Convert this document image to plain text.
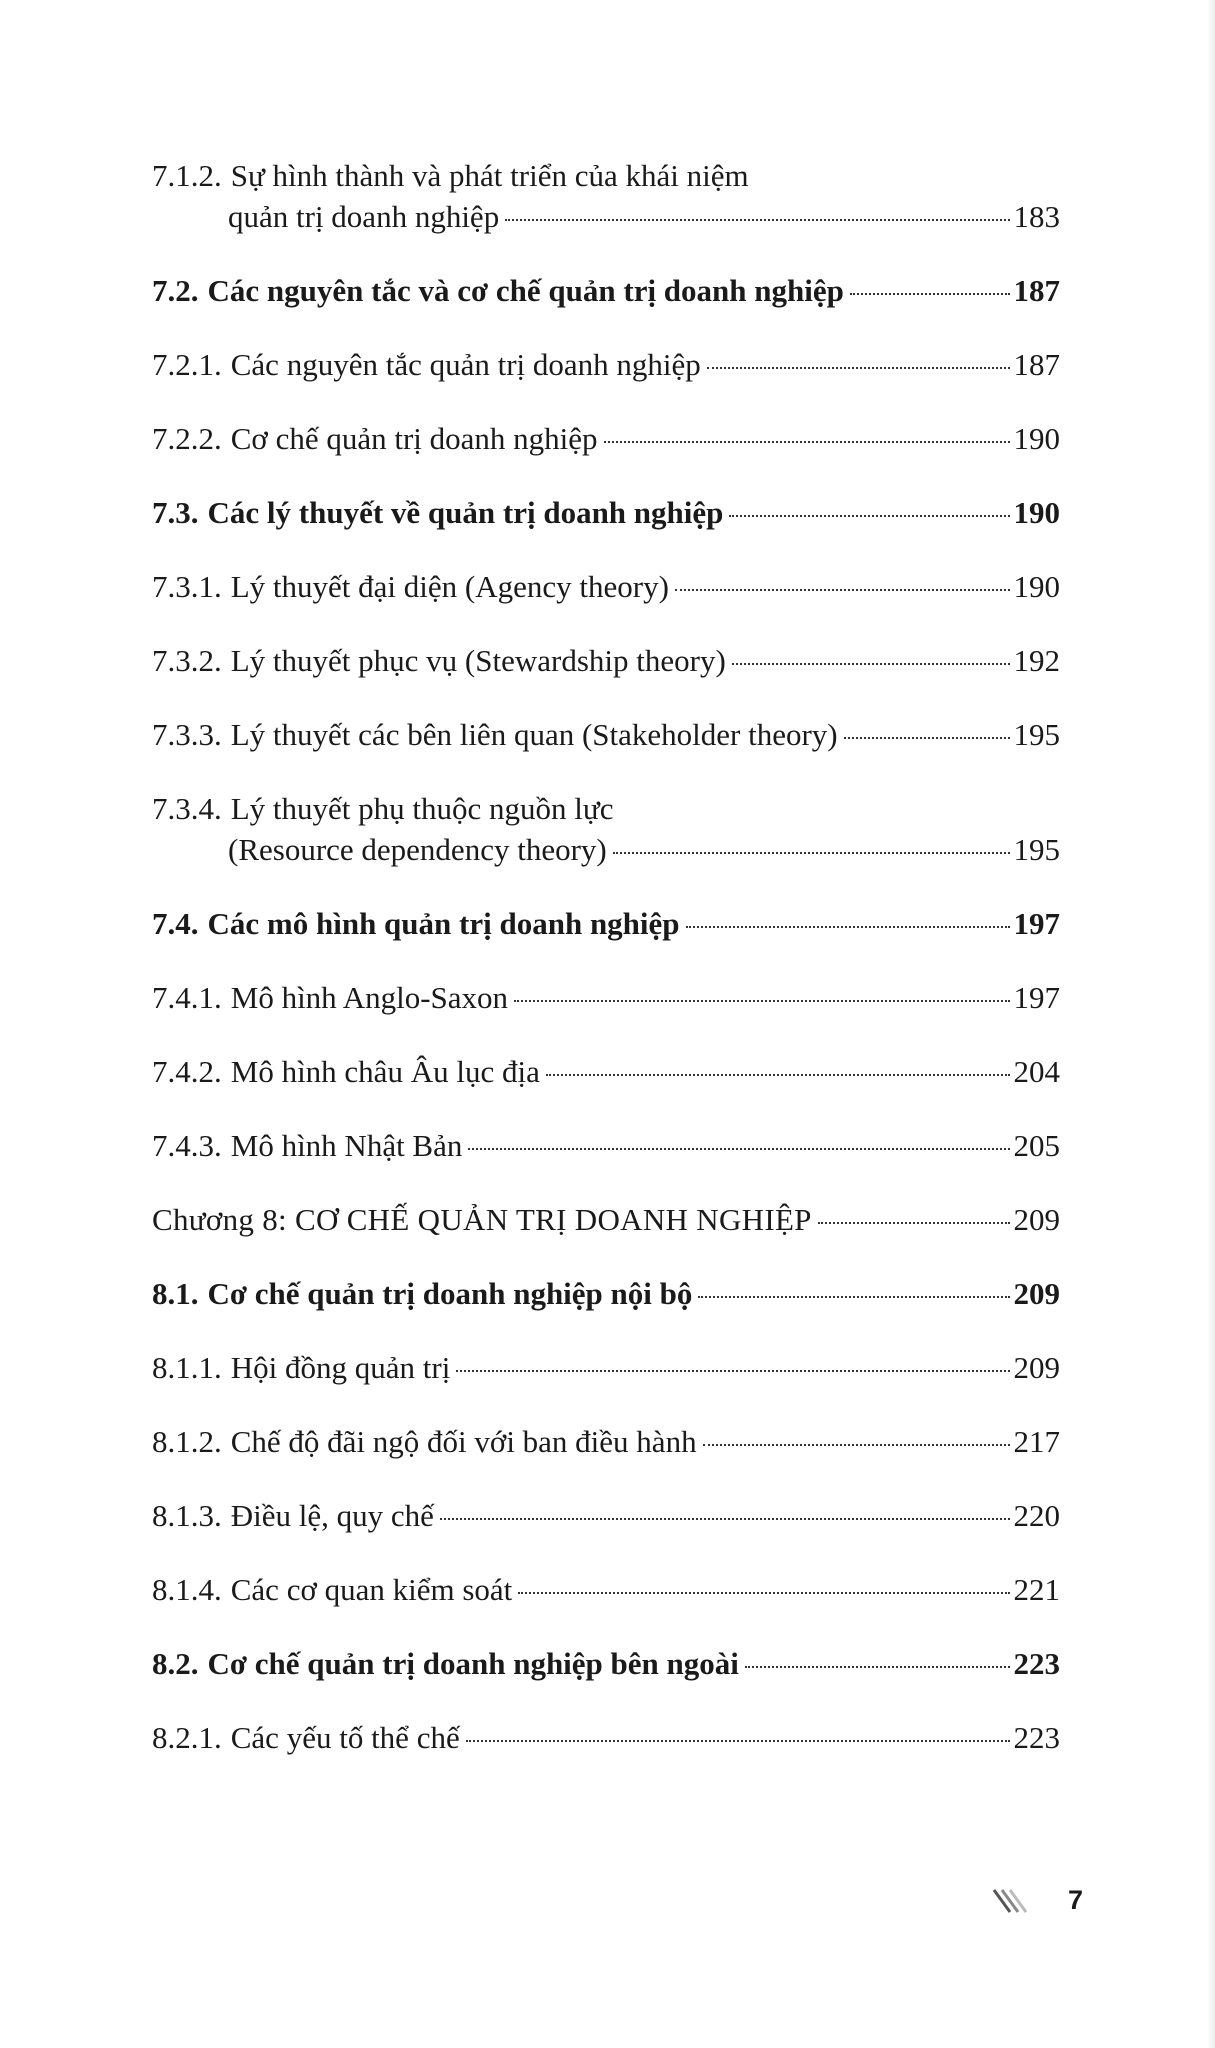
7.1.2. Sự hình thành và phát triển của khái niệm
quản trị doanh nghiệp	183
7.2. Các nguyên tắc và cơ chế quản trị doanh nghiệp	187
7.2.1. Các nguyên tắc quản trị doanh nghiệp	187
7.2.2. Cơ chế quản trị doanh nghiệp	190
7.3. Các lý thuyết về quản trị doanh nghiệp	190
7.3.1. Lý thuyết đại diện (Agency theory)	190
7.3.2. Lý thuyết phục vụ (Stewardship theory)	192
7.3.3. Lý thuyết các bên liên quan (Stakeholder theory)	195
7.3.4. Lý thuyết phụ thuộc nguồn lực
(Resource dependency theory)	195
7.4. Các mô hình quản trị doanh nghiệp	197
7.4.1. Mô hình Anglo-Saxon	197
7.4.2. Mô hình châu Âu lục địa	204
7.4.3. Mô hình Nhật Bản	205
Chương 8: CƠ CHẾ QUẢN TRỊ DOANH NGHIỆP	209
8.1. Cơ chế quản trị doanh nghiệp nội bộ	209
8.1.1. Hội đồng quản trị	209
8.1.2. Chế độ đãi ngộ đối với ban điều hành	217
8.1.3. Điều lệ, quy chế	220
8.1.4. Các cơ quan kiểm soát	221
8.2. Cơ chế quản trị doanh nghiệp bên ngoài	223
8.2.1. Các yếu tố thể chế	223
7
